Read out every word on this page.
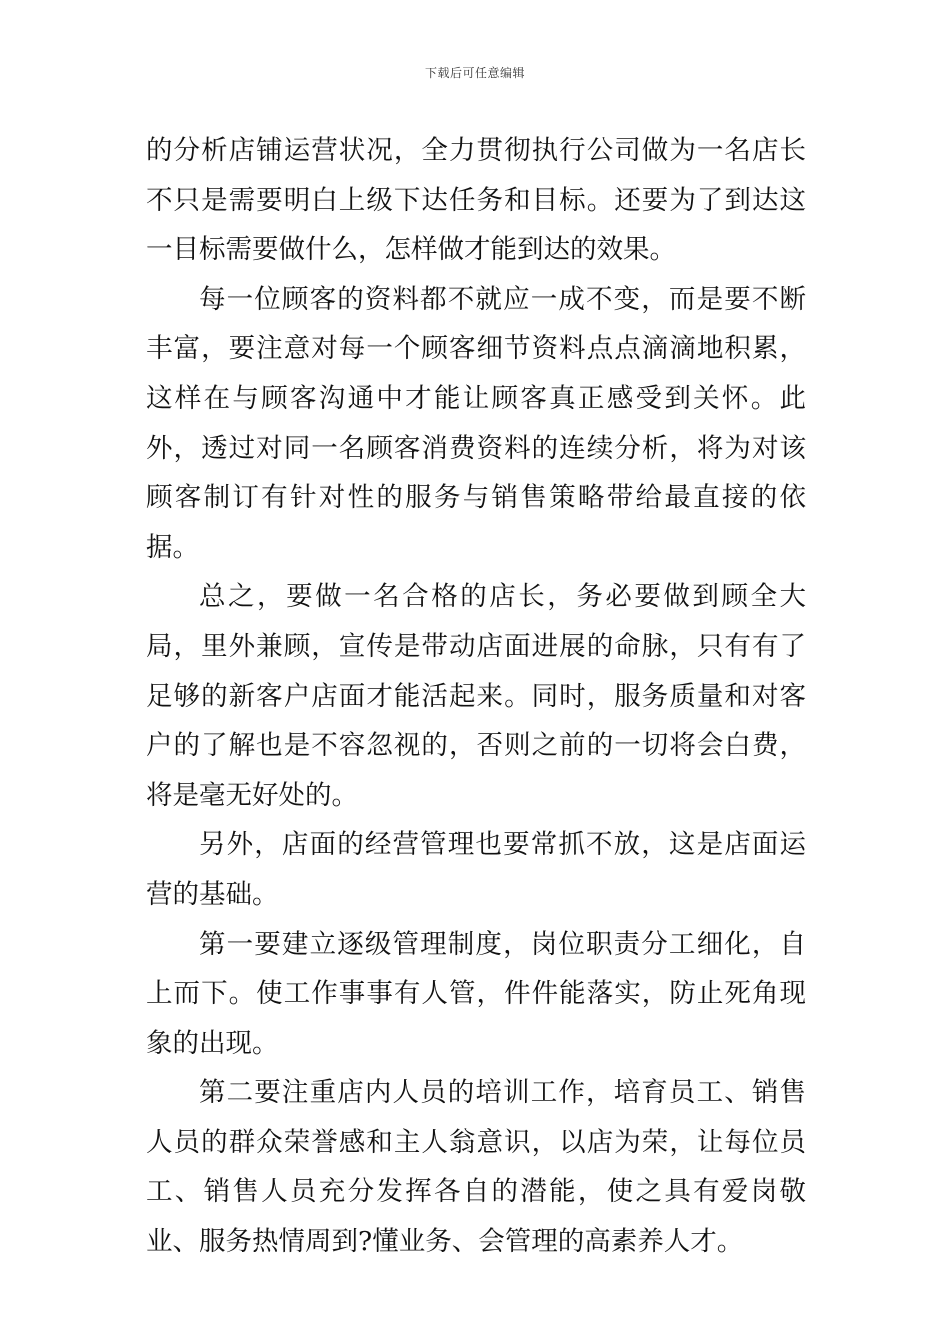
下载后可任意编辑

的分析店铺运营状况，全力贯彻执行公司做为一名店长不只是需要明白上级下达任务和目标。还要为了到达这一目标需要做什么，怎样做才能到达的效果。

每一位顾客的资料都不就应一成不变，而是要不断丰富，要注意对每一个顾客细节资料点点滴滴地积累，这样在与顾客沟通中才能让顾客真正感受到关怀。此外，透过对同一名顾客消费资料的连续分析，将为对该顾客制订有针对性的服务与销售策略带给最直接的依据。

总之，要做一名合格的店长，务必要做到顾全大局，里外兼顾，宣传是带动店面进展的命脉，只有有了足够的新客户店面才能活起来。同时，服务质量和对客户的了解也是不容忽视的，否则之前的一切将会白费，将是毫无好处的。

另外，店面的经营管理也要常抓不放，这是店面运营的基础。

第一要建立逐级管理制度，岗位职责分工细化，自上而下。使工作事事有人管，件件能落实，防止死角现象的出现。

第二要注重店内人员的培训工作，培育员工、销售人员的群众荣誉感和主人翁意识，以店为荣，让每位员工、销售人员充分发挥各自的潜能，使之具有爱岗敬业、服务热情周到?懂业务、会管理的高素养人才。
